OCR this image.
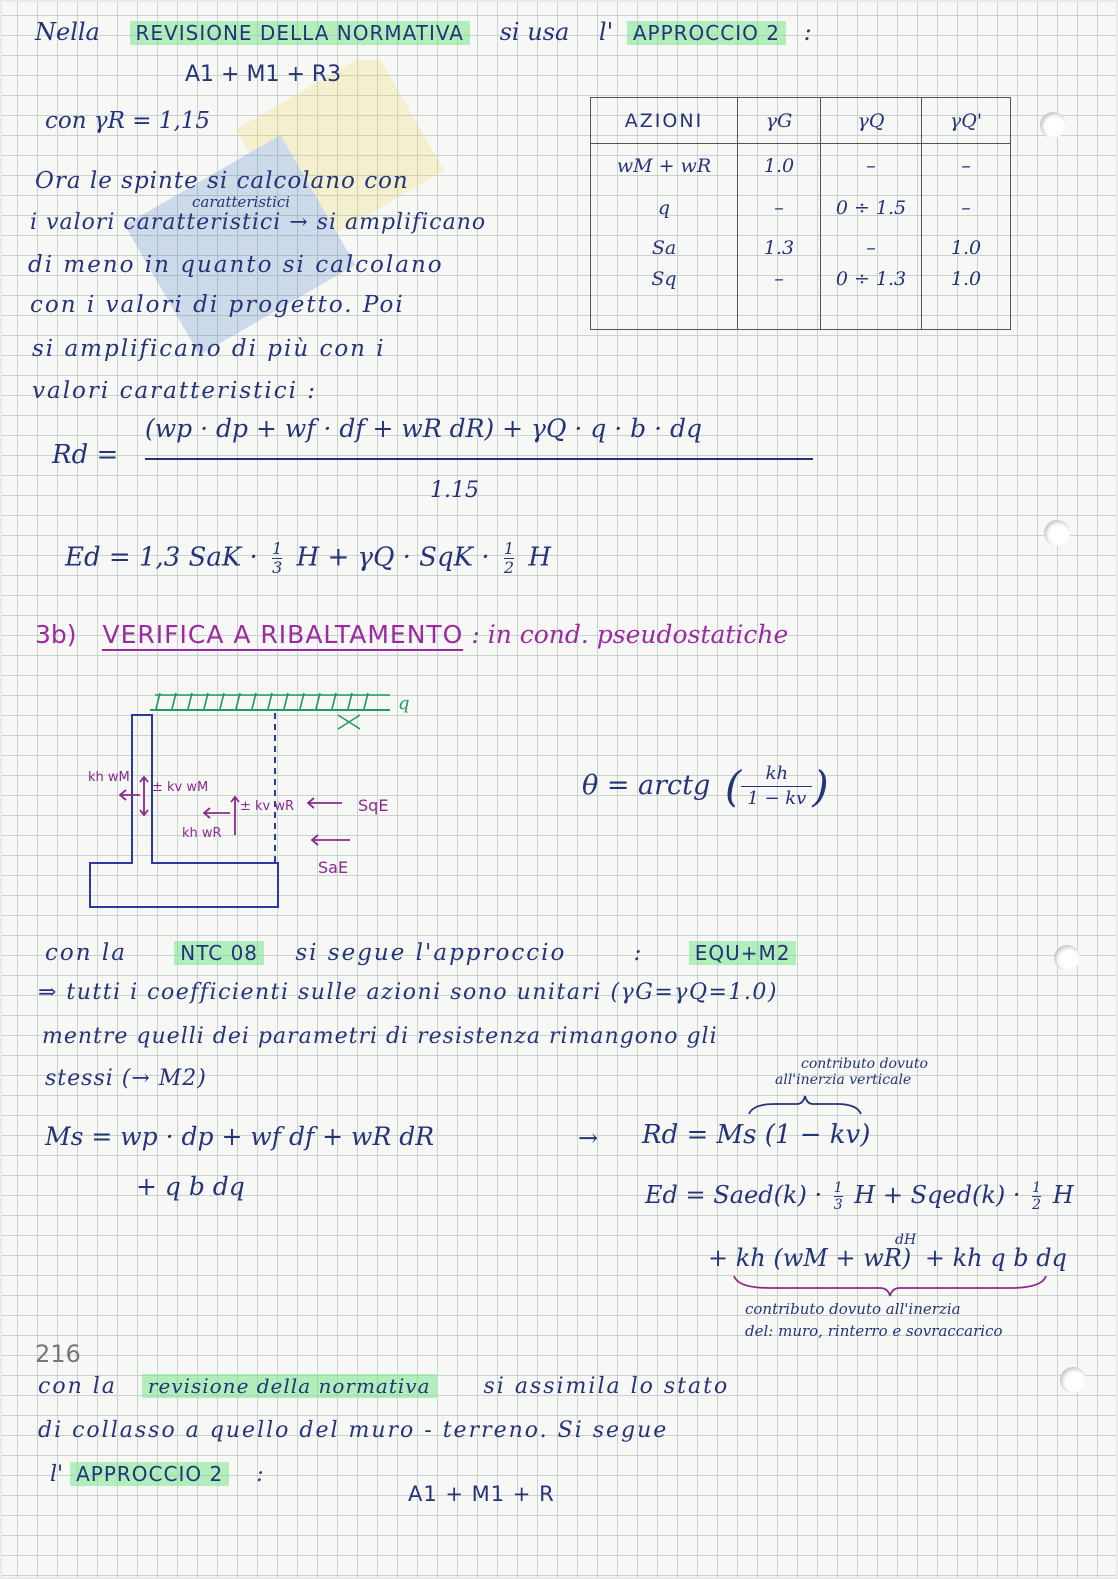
Nella REVISIONE DELLA NORMATIVA si usa l' APPROCCIO 2 :
A1 + M1 + R3
con γR = 1,15	AZIONI	γG	γQ	γQ'
wM + wR	1.0	–	–
q	–	0 ÷ 1.5	–
Sa	1.3	–	1.0
Sq	–	0 ÷ 1.3	1.0
Ora le spinte si calcolano con
caratteristici
i valori caratteristici → si amplificano
di meno in quanto si calcolano
con i valori di progetto. Poi
si amplificano di più con i
valori caratteristici :
Rd =
(wp · dp + wf · df + wR dR) + γQ · q · b · dq
1.15
Ed = 1,3 SaK · $\frac{1}{3}$ H + γQ · SqK · $\frac{1}{2}$ H
3b) VERIFICA A RIBALTAMENTO : in cond. pseudostatiche
q
kh wM
± kv wM
kh wR
± kv wR	SqE
SaE
θ = arctg ( $\frac{kh}{1 - kv}$ )
con la	NTC 08 si segue l'approccio	:	EQU+M2
⇒ tutti i coefficienti sulle azioni sono unitari (γG=γQ=1.0)
mentre quelli dei parametri di resistenza rimangono gli
stessi (→ M2)
contributo dovuto
all'inerzia verticale
Ms = wp · dp + wf df + wR dR
+ q b dq
→ Rd = Ms (1 − kv)
Ed = Saed(k) · $\frac{1}{3}$ H + Sqed(k) · $\frac{1}{2}$ H
dH
+ kh (wM + wR) + kh q b dq
contributo dovuto all'inerzia
del: muro, rinterro e sovraccarico
216
con la revisione della normativa si assimila lo stato
di collasso a quello del muro - terreno. Si segue
l' APPROCCIO 2 :
A1 + M1 + R
